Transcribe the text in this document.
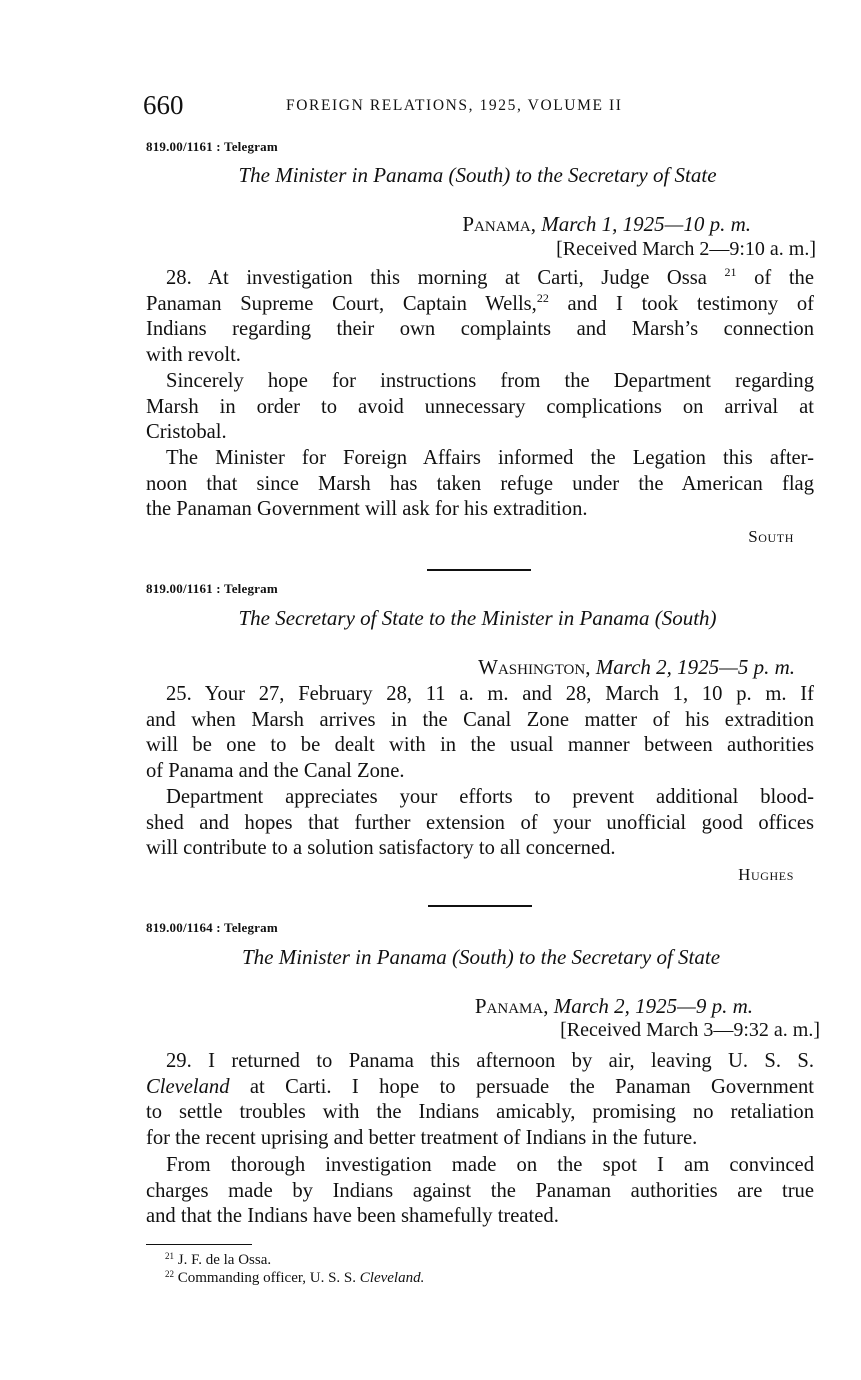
660	FOREIGN RELATIONS, 1925, VOLUME II
819.00/1161 : Telegram
The Minister in Panama (South) to the Secretary of State
Panama, March 1, 1925—10 p. m.
[Received March 2—9:10 a. m.]
28. At investigation this morning at Carti, Judge Ossa $^{21}$ of the
Panaman Supreme Court, Captain Wells,$^{22}$ and I took testimony of
Indians regarding their own complaints and Marsh’s connection
with revolt.
Sincerely hope for instructions from the Department regarding
Marsh in order to avoid unnecessary complications on arrival at
Cristobal.
The Minister for Foreign Affairs informed the Legation this after-
noon that since Marsh has taken refuge under the American flag
the Panaman Government will ask for his extradition.
South
819.00/1161 : Telegram
The Secretary of State to the Minister in Panama (South)
Washington, March 2, 1925—5 p. m.
25. Your 27, February 28, 11 a. m. and 28, March 1, 10 p. m. If
and when Marsh arrives in the Canal Zone matter of his extradition
will be one to be dealt with in the usual manner between authorities
of Panama and the Canal Zone.
Department appreciates your efforts to prevent additional blood-
shed and hopes that further extension of your unofficial good offices
will contribute to a solution satisfactory to all concerned.
Hughes
819.00/1164 : Telegram
The Minister in Panama (South) to the Secretary of State
Panama, March 2, 1925—9 p. m.
[Received March 3—9:32 a. m.]
29. I returned to Panama this afternoon by air, leaving U. S. S.
Cleveland at Carti. I hope to persuade the Panaman Government
to settle troubles with the Indians amicably, promising no retaliation
for the recent uprising and better treatment of Indians in the future.
From thorough investigation made on the spot I am convinced
charges made by Indians against the Panaman authorities are true
and that the Indians have been shamefully treated.
$^{21}$ J. F. de la Ossa.
$^{22}$ Commanding officer, U. S. S. Cleveland.
